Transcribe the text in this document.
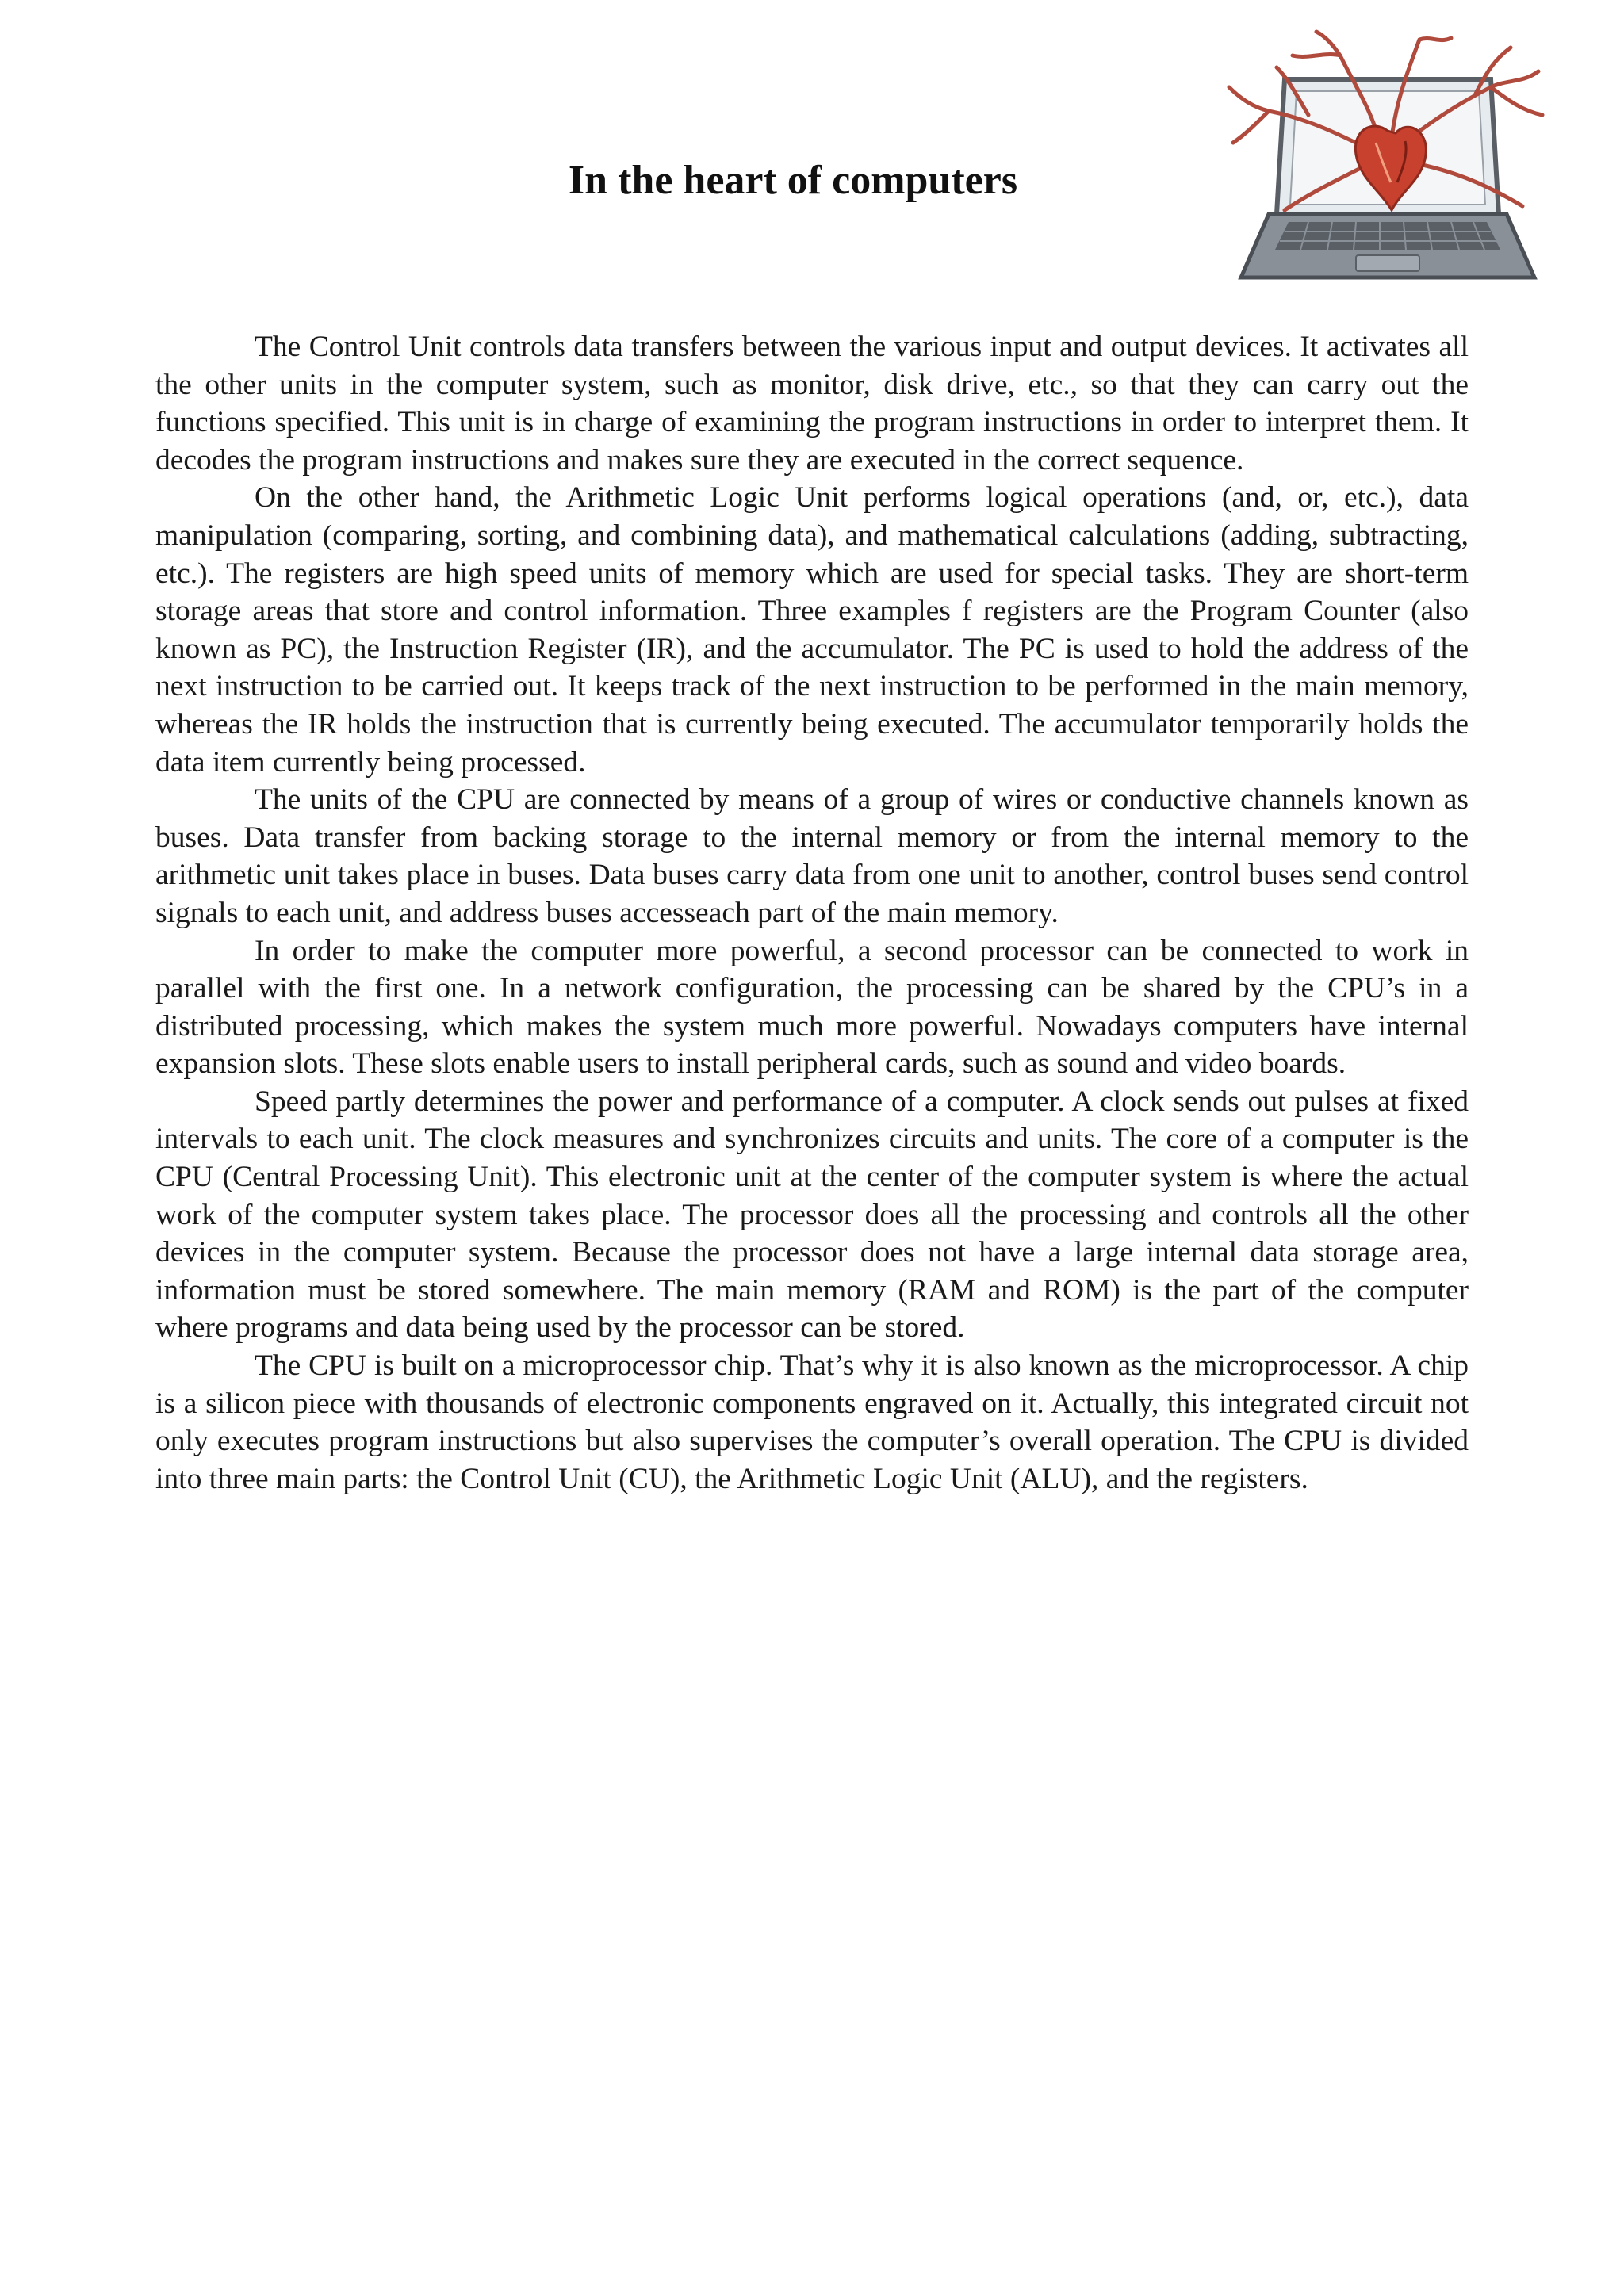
In the heart of computers

The Control Unit controls data transfers between the various input and output devices. It activates all the other units in the computer system, such as monitor, disk drive, etc., so that they can carry out the functions specified. This unit is in charge of examining the program instructions in order to interpret them. It decodes the program instructions and makes sure they are executed in the correct sequence.

On the other hand, the Arithmetic Logic Unit performs logical operations (and, or, etc.), data manipulation (comparing, sorting, and combining data), and mathematical calculations (adding, subtracting, etc.). The registers are high speed units of memory which are used for special tasks. They are short-term storage areas that store and control information. Three examples f registers are the Program Counter (also known as PC), the Instruction Register (IR), and the accumulator. The PC is used to hold the address of the next instruction to be carried out. It keeps track of the next instruction to be performed in the main memory, whereas the IR holds the instruction that is currently being executed. The accumulator temporarily holds the data item currently being processed.

The units of the CPU are connected by means of a group of wires or conductive channels known as buses. Data transfer from backing storage to the internal memory or from the internal memory to the arithmetic unit takes place in buses. Data buses carry data from one unit to another, control buses send control signals to each unit, and address buses accesseach part of the main memory.

In order to make the computer more powerful, a second processor can be connected to work in parallel with the first one. In a network configuration, the processing can be shared by the CPU’s in a distributed processing, which makes the system much more powerful. Nowadays computers have internal expansion slots. These slots enable users to install peripheral cards, such as sound and video boards.

Speed partly determines the power and performance of a computer. A clock sends out pulses at fixed intervals to each unit. The clock measures and synchronizes circuits and units. The core of a computer is the CPU (Central Processing Unit). This electronic unit at the center of the computer system is where the actual work of the computer system takes place. The processor does all the processing and controls all the other devices in the computer system. Because the processor does not have a large internal data storage area, information must be stored somewhere. The main memory (RAM and ROM) is the part of the computer where programs and data being used by the processor can be stored.

The CPU is built on a microprocessor chip. That’s why it is also known as the microprocessor. A chip is a silicon piece with thousands of electronic components engraved on it. Actually, this integrated circuit not only executes program instructions but also supervises the computer’s overall operation. The CPU is divided into three main parts: the Control Unit (CU), the Arithmetic Logic Unit (ALU), and the registers.
